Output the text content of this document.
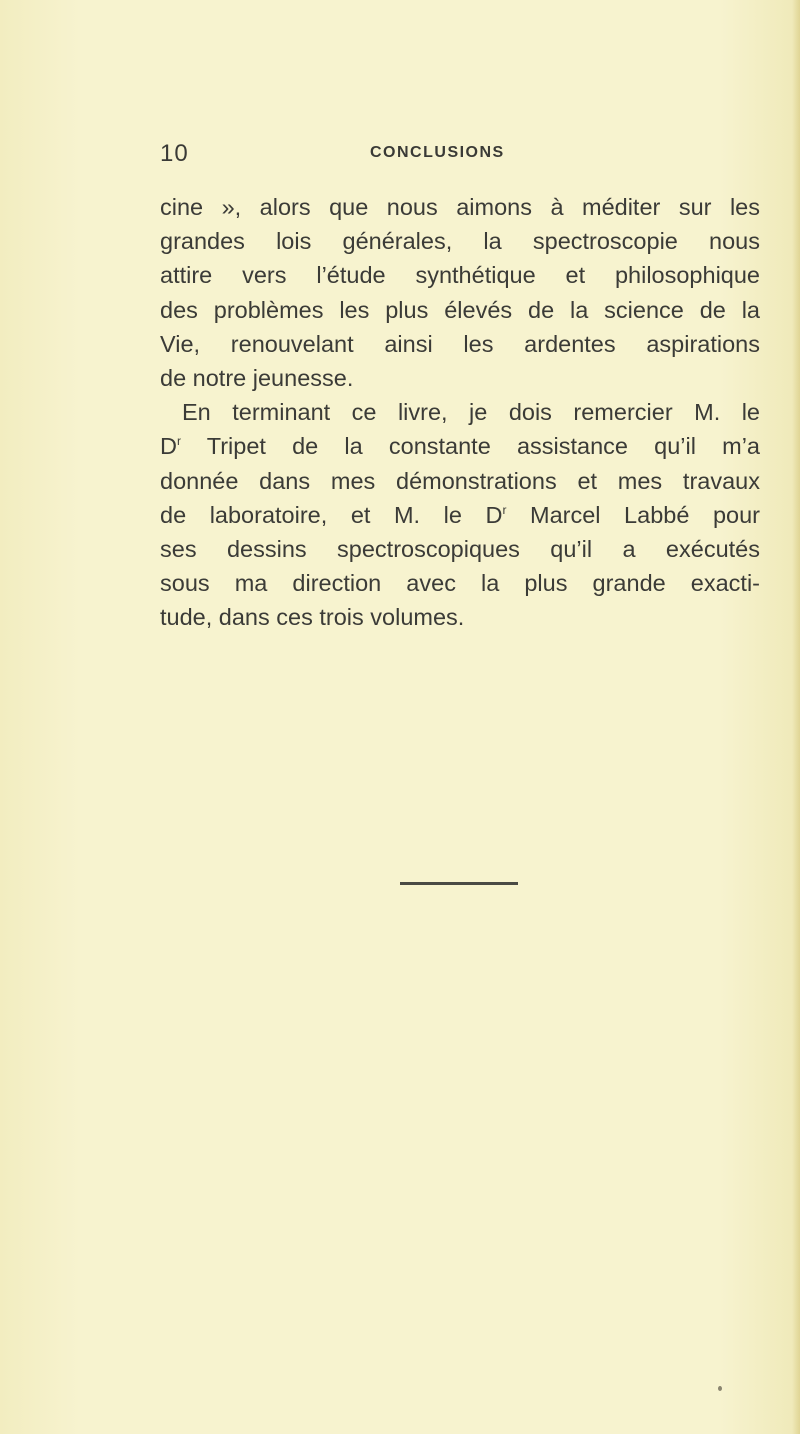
10	CONCLUSIONS
cine », alors que nous aimons à méditer sur les
grandes lois générales, la spectroscopie nous
attire vers l’étude synthétique et philosophique
des problèmes les plus élevés de la science de la
Vie, renouvelant ainsi les ardentes aspirations
de notre jeunesse.
En terminant ce livre, je dois remercier M. le
$D^r$ Tripet de la constante assistance qu’il m’a
donnée dans mes démonstrations et mes travaux
de laboratoire, et M. le $D^r$ Marcel Labbé pour
ses dessins spectroscopiques qu’il a exécutés
sous ma direction avec la plus grande exacti-
tude, dans ces trois volumes.
